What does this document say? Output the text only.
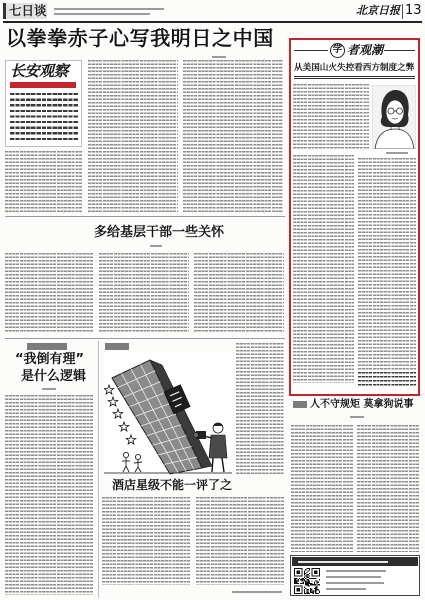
七日谈	北京日报 13
以拳拳赤子心写我明日之中国
长安观察
多给基层干部一些关怀
“我倒有理”
是什么逻辑
酒店星级不能一评了之
学 者观潮
从美国山火失控看西方制度之弊
人不守规矩 莫拿狗说事
